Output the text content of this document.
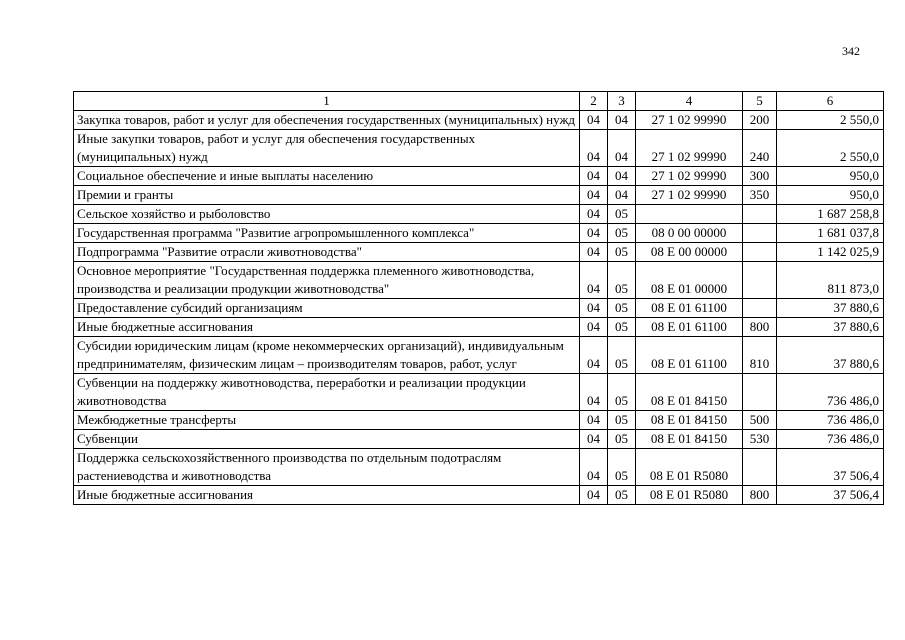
342
1	2	3	4	5	6
Закупка товаров, работ и услуг для обеспечения государственных (муниципальных) нужд	04	04	27 1 02 99990	200	2 550,0
Иные закупки товаров, работ и услуг для обеспечения государственных (муниципальных) нужд	04	04	27 1 02 99990	240	2 550,0
Социальное обеспечение и иные выплаты населению	04	04	27 1 02 99990	300	950,0
Премии и гранты	04	04	27 1 02 99990	350	950,0
Сельское хозяйство и рыболовство	04	05			1 687 258,8
Государственная программа "Развитие агропромышленного комплекса"	04	05	08 0 00 00000		1 681 037,8
Подпрограмма "Развитие отрасли животноводства"	04	05	08 Е 00 00000		1 142 025,9
Основное мероприятие "Государственная поддержка племенного животноводства, производства и реализации продукции животноводства"	04	05	08 Е 01 00000		811 873,0
Предоставление субсидий организациям	04	05	08 Е 01 61100		37 880,6
Иные бюджетные ассигнования	04	05	08 Е 01 61100	800	37 880,6
Субсидии юридическим лицам (кроме некоммерческих организаций), индивидуальным предпринимателям, физическим лицам – производителям товаров, работ, услуг	04	05	08 Е 01 61100	810	37 880,6
Субвенции на поддержку животноводства, переработки и реализации продукции животноводства	04	05	08 Е 01 84150		736 486,0
Межбюджетные трансферты	04	05	08 Е 01 84150	500	736 486,0
Субвенции	04	05	08 Е 01 84150	530	736 486,0
Поддержка сельскохозяйственного производства по отдельным подотраслям растениеводства и животноводства	04	05	08 Е 01 R5080		37 506,4
Иные бюджетные ассигнования	04	05	08 Е 01 R5080	800	37 506,4
